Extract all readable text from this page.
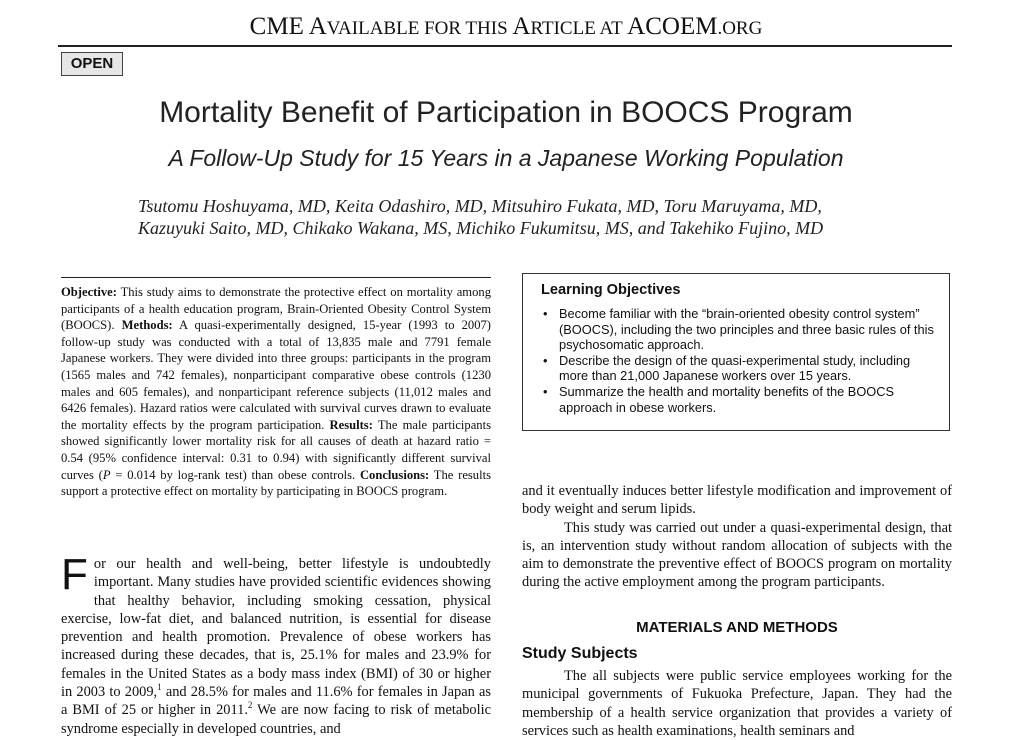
CME AVAILABLE FOR THIS ARTICLE AT ACOEM.ORG
OPEN
Mortality Benefit of Participation in BOOCS Program
A Follow-Up Study for 15 Years in a Japanese Working Population
Tsutomu Hoshuyama, MD, Keita Odashiro, MD, Mitsuhiro Fukata, MD, Toru Maruyama, MD,
Kazuyuki Saito, MD, Chikako Wakana, MS, Michiko Fukumitsu, MS, and Takehiko Fujino, MD
Objective: This study aims to demonstrate the protective effect on mortality among participants of a health education program, Brain-Oriented Obesity Control System (BOOCS). Methods: A quasi-experimentally designed, 15-year (1993 to 2007) follow-up study was conducted with a total of 13,835 male and 7791 female Japanese workers. They were divided into three groups: participants in the program (1565 males and 742 females), nonparticipant comparative obese controls (1230 males and 605 females), and nonparticipant reference subjects (11,012 males and 6426 females). Hazard ratios were calculated with survival curves drawn to evaluate the mortality effects by the program participation. Results: The male participants showed significantly lower mortality risk for all causes of death at hazard ratio = 0.54 (95% confidence interval: 0.31 to 0.94) with significantly different survival curves (P = 0.014 by log-rank test) than obese controls. Conclusions: The results support a protective effect on mortality by participating in BOOCS program.
For our health and well-being, better lifestyle is undoubtedly important. Many studies have provided scientific evidences showing that healthy behavior, including smoking cessation, physical exercise, low-fat diet, and balanced nutrition, is essential for disease prevention and health promotion. Prevalence of obese workers has increased during these decades, that is, 25.1% for males and 23.9% for females in the United States as a body mass index (BMI) of 30 or higher in 2003 to 2009,$^1$ and 28.5% for males and 11.6% for females in Japan as a BMI of 25 or higher in 2011.$^2$ We are now facing to risk of metabolic syndrome especially in developed countries, and
Learning Objectives
• Become familiar with the “brain-oriented obesity control system” (BOOCS), including the two principles and three basic rules of this psychosomatic approach.
• Describe the design of the quasi-experimental study, including more than 21,000 Japanese workers over 15 years.
• Summarize the health and mortality benefits of the BOOCS approach in obese workers.

and it eventually induces better lifestyle modification and improvement of body weight and serum lipids.

This study was carried out under a quasi-experimental design, that is, an intervention study without random allocation of subjects with the aim to demonstrate the preventive effect of BOOCS program on mortality during the active employment among the program participants.

MATERIALS AND METHODS
Study Subjects

The all subjects were public service employees working for the municipal governments of Fukuoka Prefecture, Japan. They had the membership of a health service organization that provides a variety of services such as health examinations, health seminars and
